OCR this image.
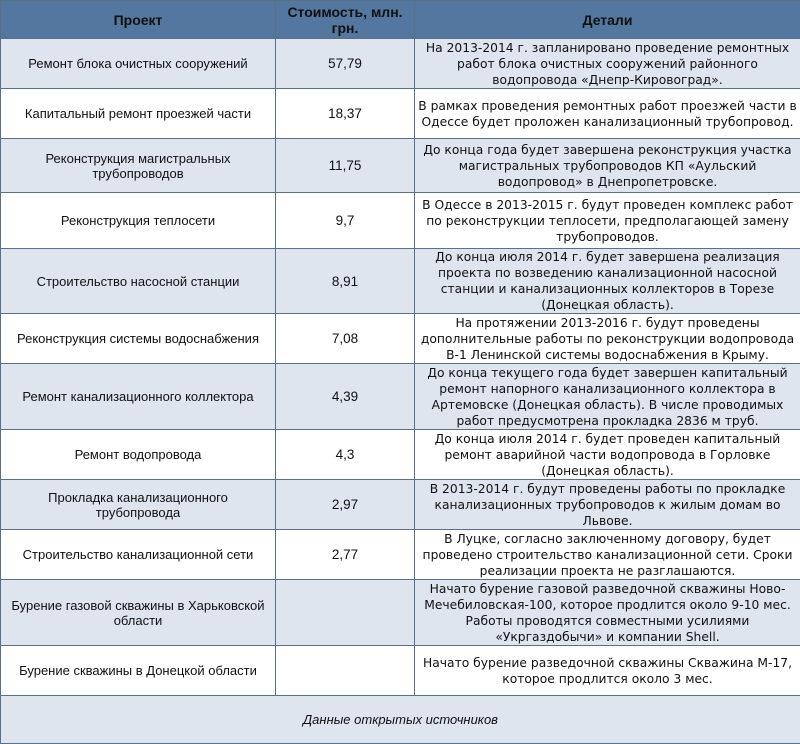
Проект	Стоимость, млн. грн.	Детали
Ремонт блока очистных сооружений	57,79	На 2013-2014 г. запланировано проведение ремонтных работ блока очистных сооружений районного водопровода «Днепр-Кировоград».
Капитальный ремонт проезжей части	18,37	В рамках проведения ремонтных работ проезжей части в Одессе будет проложен канализационный трубопровод.
Реконструкция магистральных трубопроводов	11,75	До конца года будет завершена реконструкция участка магистральных трубопроводов КП «Аульский водопровод» в Днепропетровске.
Реконструкция теплосети	9,7	В Одессе в 2013-2015 г. будут проведен комплекс работ по реконструкции теплосети, предполагающей замену трубопроводов.
Строительство насосной станции	8,91	До конца июля 2014 г. будет завершена реализация проекта по возведению канализационной насосной станции и канализационных коллекторов в Торезе (Донецкая область).
Реконструкция системы водоснабжения	7,08	На протяжении 2013-2016 г. будут проведены дополнительные работы по реконструкции водопровода В-1 Ленинской системы водоснабжения в Крыму.
Ремонт канализационного коллектора	4,39	До конца текущего года будет завершен капитальный ремонт напорного канализационного коллектора в Артемовске (Донецкая область). В числе проводимых работ предусмотрена прокладка 2836 м труб.
Ремонт водопровода	4,3	До конца июля 2014 г. будет проведен капитальный ремонт аварийной части водопровода в Горловке (Донецкая область).
Прокладка канализационного трубопровода	2,97	В 2013-2014 г. будут проведены работы по прокладке канализационных трубопроводов к жилым домам во Львове.
Строительство канализационной сети	2,77	В Луцке, согласно заключенному договору, будет проведено строительство канализационной сети. Сроки реализации проекта не разглашаются.
Бурение газовой скважины в Харьковской области		Начато бурение газовой разведочной скважины Ново-Мечебиловская-100, которое продлится около 9-10 мес. Работы проводятся совместными усилиями «Укргаздобычи» и компании Shell.
Бурение скважины в Донецкой области		Начато бурение разведочной скважины Скважина М-17, которое продлится около 3 мес.
Данные открытых источников		
